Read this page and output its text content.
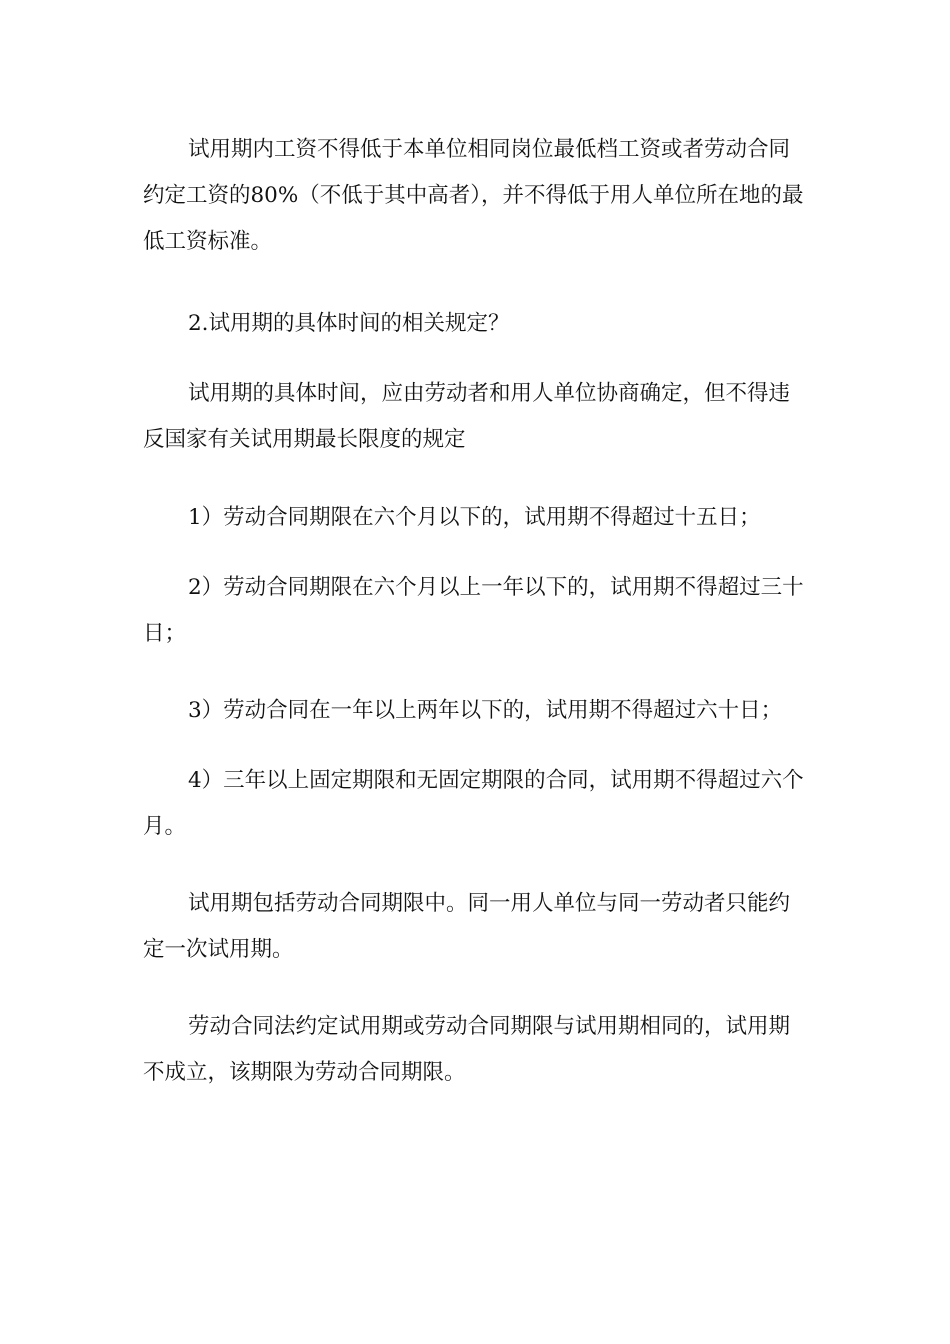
试用期内工资不得低于本单位相同岗位最低档工资或者劳动合同约定工资的80%（不低于其中高者），并不得低于用人单位所在地的最低工资标准。

2.试用期的具体时间的相关规定？

试用期的具体时间，应由劳动者和用人单位协商确定，但不得违反国家有关试用期最长限度的规定

1）劳动合同期限在六个月以下的，试用期不得超过十五日；

2）劳动合同期限在六个月以上一年以下的，试用期不得超过三十日；

3）劳动合同在一年以上两年以下的，试用期不得超过六十日；

4）三年以上固定期限和无固定期限的合同，试用期不得超过六个月。

试用期包括劳动合同期限中。同一用人单位与同一劳动者只能约定一次试用期。

劳动合同法约定试用期或劳动合同期限与试用期相同的，试用期不成立，该期限为劳动合同期限。
